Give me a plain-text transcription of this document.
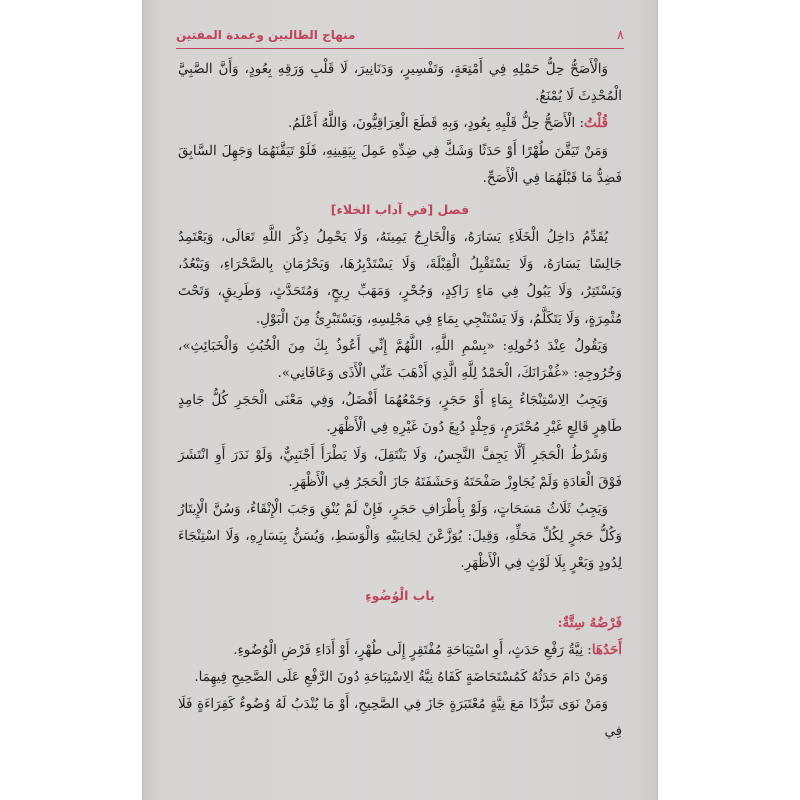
٨
منهاج الطالبين وعمدة المفتين

وَالْأَصَحُّ حِلُّ حَمْلِهِ فِي أَمْتِعَةٍ، وَتَفْسِيرٍ، وَدَنَانِيرَ، لَا قَلْبِ وَرَقِهِ بِعُودٍ، وَأَنَّ الصَّبِيَّ الْمُحْدِثَ لَا يُمْنَعُ.

قُلْتُ: الْأَصَحُّ حِلُّ قَلْبِهِ بِعُودٍ، وَبِهِ قَطَعَ الْعِرَاقِيُّونَ، وَاللَّهُ أَعْلَمُ.

وَمَنْ تَيَقَّنَ طُهْرًا أَوْ حَدَثًا وَشَكَّ فِي ضِدِّهِ عَمِلَ بِيَقِينِهِ، فَلَوْ تَيَقَّنَهُمَا وَجَهِلَ السَّابِقَ فَضِدُّ مَا قَبْلَهُمَا فِي الْأَصَحِّ.

فصل [في آداب الخلاء]

يُقَدِّمُ دَاخِلُ الْخَلَاءِ يَسَارَهُ، وَالْخَارِجُ يَمِينَهُ، وَلَا يَحْمِلُ ذِكْرَ اللَّهِ تَعَالَى، وَيَعْتَمِدُ جَالِسًا يَسَارَهُ، وَلَا يَسْتَقْبِلُ الْقِبْلَةَ، وَلَا يَسْتَدْبِرُهَا، وَيَحْرُمَانِ بِالصَّحْرَاءِ، وَيَبْعُدُ، وَيَسْتَتِرُ، وَلَا يَبُولُ فِي مَاءٍ رَاكِدٍ، وَجُحْرٍ، وَمَهَبِّ رِيحٍ، وَمُتَحَدَّثٍ، وَطَرِيقٍ، وَتَحْتَ مُثْمِرَةٍ، وَلَا يَتَكَلَّمُ، وَلَا يَسْتَنْجِي بِمَاءٍ فِي مَجْلِسِهِ، وَيَسْتَبْرِئُ مِنَ الْبَوْلِ.

وَيَقُولُ عِنْدَ دُخُولِهِ: «بِسْمِ اللَّهِ، اللَّهُمَّ إِنِّي أَعُوذُ بِكَ مِنَ الْخُبُثِ وَالْخَبَائِثِ»، وَخُرُوجِهِ: «غُفْرَانَكَ، الْحَمْدُ لِلَّهِ الَّذِي أَذْهَبَ عَنِّي الْأَذَى وَعَافَانِي».

وَيَجِبُ الِاسْتِنْجَاءُ بِمَاءٍ أَوْ حَجَرٍ، وَجَمْعُهُمَا أَفْضَلُ، وَفِي مَعْنَى الْحَجَرِ كُلُّ جَامِدٍ طَاهِرٍ قَالِعٍ غَيْرِ مُحْتَرَمٍ، وَجِلْدٍ دُبِغَ دُونَ غَيْرِهِ فِي الْأَظْهَرِ.

وَشَرْطُ الْحَجَرِ أَلَّا يَجِفَّ النَّجِسُ، وَلَا يَنْتَقِلَ، وَلَا يَطْرَأَ أَجْنَبِيٌّ، وَلَوْ نَدَرَ أَوِ انْتَشَرَ فَوْقَ الْعَادَةِ وَلَمْ يُجَاوِزْ صَفْحَتَهُ وَحَشَفَتَهُ جَازَ الْحَجَرُ فِي الْأَظْهَرِ.

وَيَجِبُ ثَلَاثُ مَسَحَاتٍ، وَلَوْ بِأَطْرَافِ حَجَرٍ، فَإِنْ لَمْ يُنْقِ وَجَبَ الْإِنْقَاءُ، وَسُنَّ الْإِيتَارُ وَكُلُّ حَجَرٍ لِكُلِّ مَحَلِّهِ، وَقِيلَ: يُوَزَّعْنَ لِجَانِبَيْهِ وَالْوَسَطِ، وَيُسَنُّ بِيَسَارِهِ، وَلَا اسْتِنْجَاءَ لِدُودٍ وَبَعْرٍ بِلَا لَوْثٍ فِي الْأَظْهَرِ.

باب الْوُضُوءِ

فَرْضُهُ سِتَّةٌ:

أَحَدُهَا: نِيَّةُ رَفْعِ حَدَثٍ، أَوِ اسْتِبَاحَةِ مُفْتَقِرٍ إِلَى طُهْرٍ، أَوْ أَدَاءِ فَرْضِ الْوُضُوءِ.

وَمَنْ دَامَ حَدَثُهُ كَمُسْتَحَاضَةٍ كَفَاهُ نِيَّةُ الِاسْتِبَاحَةِ دُونَ الرَّفْعِ عَلَى الصَّحِيحِ فِيهِمَا.

وَمَنْ نَوَى تَبَرُّدًا مَعَ نِيَّةٍ مُعْتَبَرَةٍ جَازَ فِي الصَّحِيحِ، أَوْ مَا يُنْدَبُ لَهُ وُضُوءٌ كَقِرَاءَةٍ فَلَا فِي
